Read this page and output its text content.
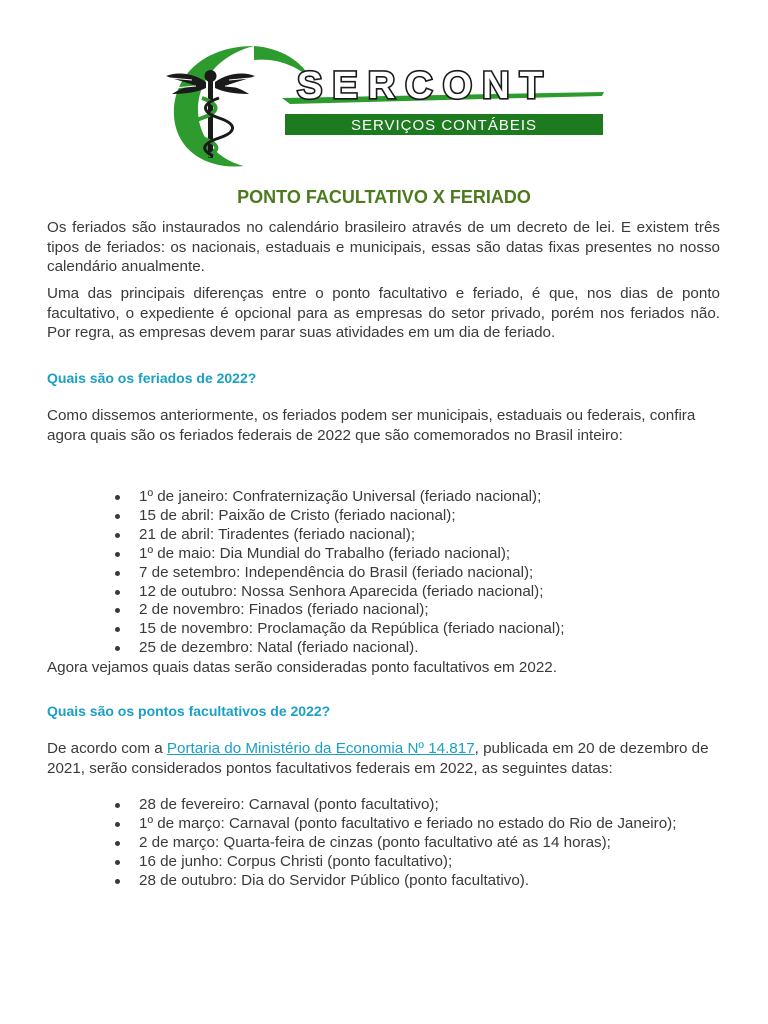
SERCONT
SERVIÇOS CONTÁBEIS
PONTO FACULTATIVO X FERIADO

Os feriados são instaurados no calendário brasileiro através de um decreto de lei. E existem três tipos de feriados: os nacionais, estaduais e municipais, essas são datas fixas presentes no nosso calendário anualmente.

Uma das principais diferenças entre o ponto facultativo e feriado, é que, nos dias de ponto facultativo, o expediente é opcional para as empresas do setor privado, porém nos feriados não. Por regra, as empresas devem parar suas atividades em um dia de feriado.

Quais são os feriados de 2022?

Como dissemos anteriormente, os feriados podem ser municipais, estaduais ou federais, confira agora quais são os feriados federais de 2022 que são comemorados no Brasil inteiro:

1º de janeiro: Confraternização Universal (feriado nacional);
15 de abril: Paixão de Cristo (feriado nacional);
21 de abril: Tiradentes (feriado nacional);
1º de maio: Dia Mundial do Trabalho (feriado nacional);
7 de setembro: Independência do Brasil (feriado nacional);
12 de outubro: Nossa Senhora Aparecida (feriado nacional);
2 de novembro: Finados (feriado nacional);
15 de novembro: Proclamação da República (feriado nacional);
25 de dezembro: Natal (feriado nacional).

Agora vejamos quais datas serão consideradas ponto facultativos em 2022.

Quais são os pontos facultativos de 2022?

De acordo com a Portaria do Ministério da Economia Nº 14.817, publicada em 20 de dezembro de 2021, serão considerados pontos facultativos federais em 2022, as seguintes datas:

28 de fevereiro: Carnaval (ponto facultativo);
1º de março: Carnaval (ponto facultativo e feriado no estado do Rio de Janeiro);
2 de março: Quarta-feira de cinzas (ponto facultativo até as 14 horas);
16 de junho: Corpus Christi (ponto facultativo);
28 de outubro: Dia do Servidor Público (ponto facultativo).
